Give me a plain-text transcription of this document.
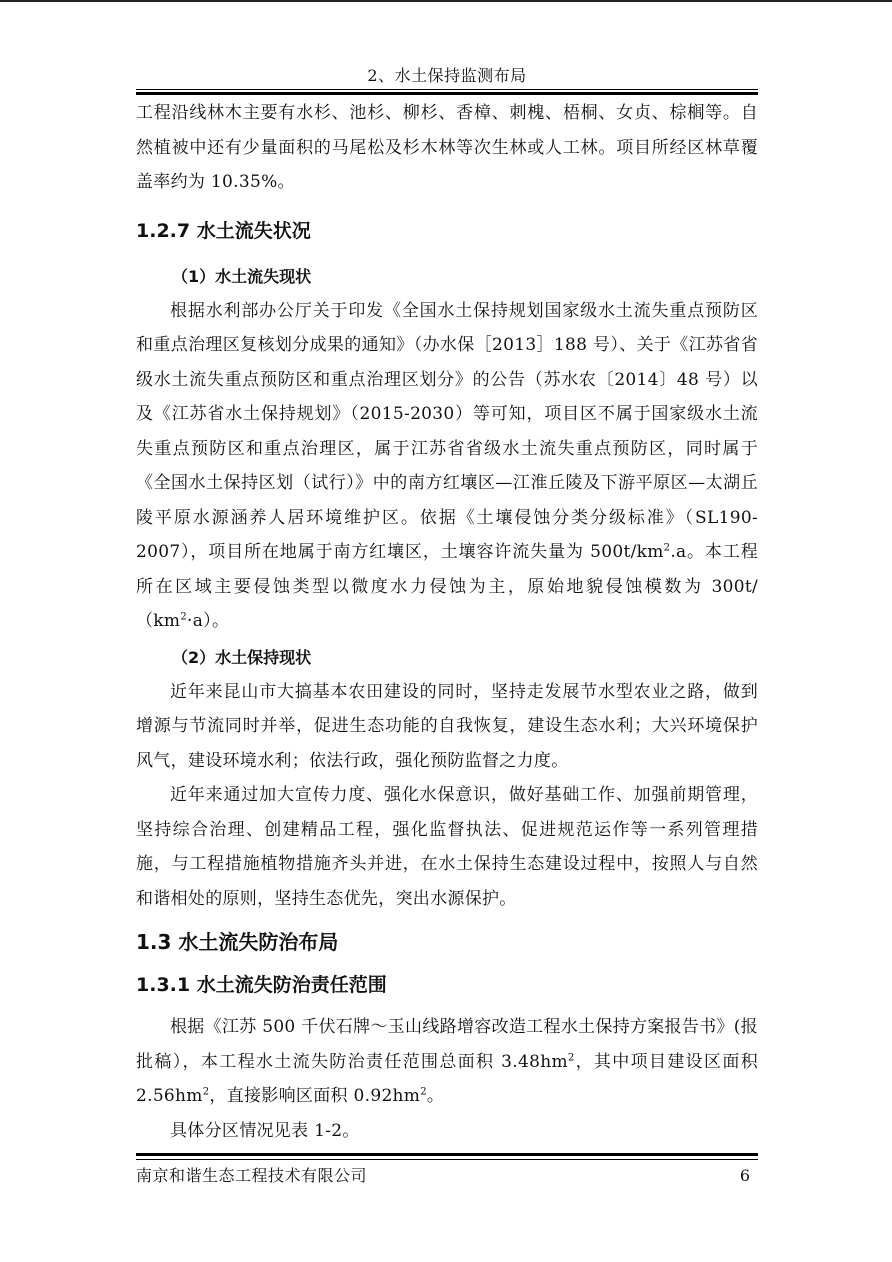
2、水土保持监测布局

工程沿线林木主要有水杉、池杉、柳杉、香樟、刺槐、梧桐、女贞、棕榈等。自然植被中还有少量面积的马尾松及杉木林等次生林或人工林。项目所经区林草覆盖率约为 10.35%。

1.2.7 水土流失状况
（1）水土流失现状

根据水利部办公厅关于印发《全国水土保持规划国家级水土流失重点预防区和重点治理区复核划分成果的通知》（办水保［2013］188 号）、关于《江苏省省级水土流失重点预防区和重点治理区划分》的公告（苏水农〔2014〕48 号）以及《江苏省水土保持规划》（2015-2030）等可知，项目区不属于国家级水土流失重点预防区和重点治理区，属于江苏省省级水土流失重点预防区，同时属于《全国水土保持区划（试行）》中的南方红壤区—江淮丘陵及下游平原区—太湖丘陵平原水源涵养人居环境维护区。依据《土壤侵蚀分类分级标准》（SL190-2007），项目所在地属于南方红壤区，土壤容许流失量为 $500t/km^2.a$。本工程所在区域主要侵蚀类型以微度水力侵蚀为主，原始地貌侵蚀模数为 $300t/(km^2\cdot a)$。

（2）水土保持现状

近年来昆山市大搞基本农田建设的同时，坚持走发展节水型农业之路，做到增源与节流同时并举，促进生态功能的自我恢复，建设生态水利；大兴环境保护风气，建设环境水利；依法行政，强化预防监督之力度。

近年来通过加大宣传力度、强化水保意识，做好基础工作、加强前期管理，坚持综合治理、创建精品工程，强化监督执法、促进规范运作等一系列管理措施，与工程措施植物措施齐头并进，在水土保持生态建设过程中，按照人与自然和谐相处的原则，坚持生态优先，突出水源保护。

1.3 水土流失防治布局
1.3.1 水土流失防治责任范围

根据《江苏 500 千伏石牌～玉山线路增容改造工程水土保持方案报告书》(报批稿），本工程水土流失防治责任范围总面积 $3.48hm^2$，其中项目建设区面积 $2.56hm^2$，直接影响区面积 $0.92hm^2$。

具体分区情况见表 1-2。

南京和谐生态工程技术有限公司	6
